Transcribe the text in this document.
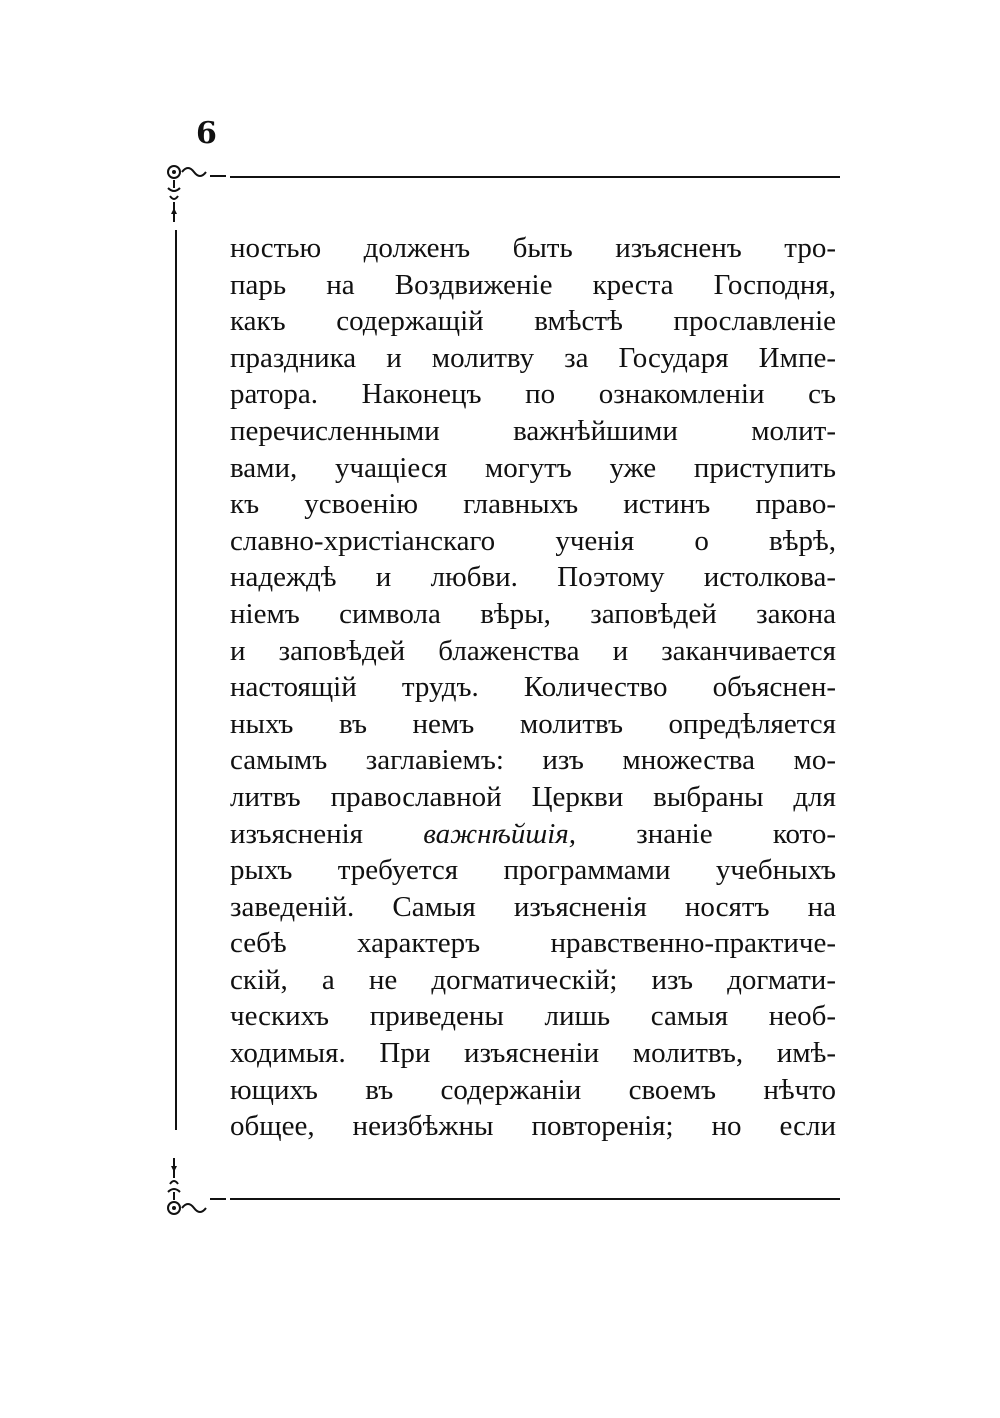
6
ностью долженъ быть изъясненъ тро-
парь на Воздвиженіе креста Господня,
какъ содержащій вмѣстѣ прославленіе
праздника и молитву за Государя Импе-
ратора. Наконецъ по ознакомленіи съ
перечисленными важнѣйшими молит-
вами, учащіеся могутъ уже приступить
къ усвоенію главныхъ истинъ право-
славно-христіанскаго ученія о вѣрѣ,
надеждѣ и любви. Поэтому истолкова-
ніемъ символа вѣры, заповѣдей закона
и заповѣдей блаженства и заканчивается
настоящій трудъ. Количество объяснен-
ныхъ въ немъ молитвъ опредѣляется
самымъ заглавіемъ: изъ множества мо-
литвъ православной Церкви выбраны для
изъясненія важнѣйшія, знаніе кото-
рыхъ требуется программами учебныхъ
заведеній. Самыя изъясненія носятъ на
себѣ характеръ нравственно-практиче-
скій, а не догматическій; изъ догмати-
ческихъ приведены лишь самыя необ-
ходимыя. При изъясненіи молитвъ, имѣ-
ющихъ въ содержаніи своемъ нѣчто
общее, неизбѣжны повторенія; но если
